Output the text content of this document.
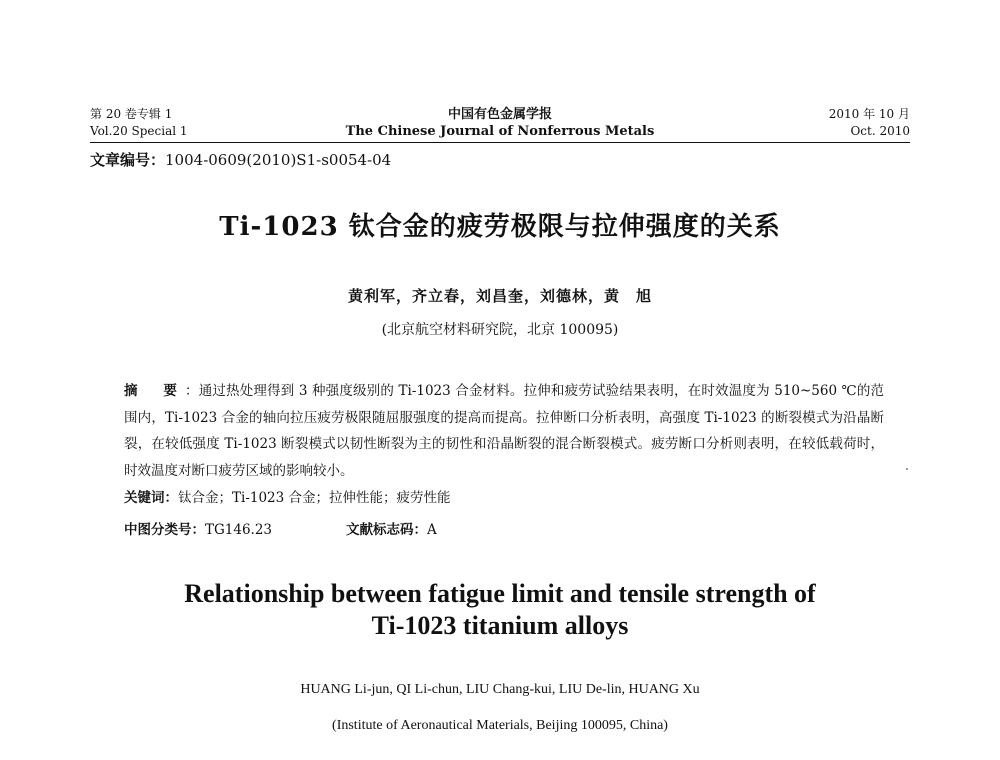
第 20 卷专辑 1
Vol.20 Special 1
中国有色金属学报
The Chinese Journal of Nonferrous Metals
2010 年 10 月
Oct. 2010
文章编号：1004-0609(2010)S1-s0054-04
Ti-1023 钛合金的疲劳极限与拉伸强度的关系
黄利军，齐立春，刘昌奎，刘德林，黄　旭
(北京航空材料研究院，北京 100095)
摘　要 ：通过热处理得到 3 种强度级别的 Ti-1023 合金材料。拉伸和疲劳试验结果表明，在时效温度为 510~560 ℃的范围内，Ti-1023 合金的轴向拉压疲劳极限随屈服强度的提高而提高。拉伸断口分析表明，高强度 Ti-1023 的断裂模式为沿晶断裂，在较低强度 Ti-1023 断裂模式以韧性断裂为主的韧性和沿晶断裂的混合断裂模式。疲劳断口分析则表明，在较低载荷时，时效温度对断口疲劳区域的影响较小。
关键词：钛合金；Ti-1023 合金；拉伸性能；疲劳性能
中图分类号：TG146.23	文献标志码：A
Relationship between fatigue limit and tensile strength of
Ti-1023 titanium alloys
HUANG Li-jun, QI Li-chun, LIU Chang-kui, LIU De-lin, HUANG Xu
(Institute of Aeronautical Materials, Beijing 100095, China)
